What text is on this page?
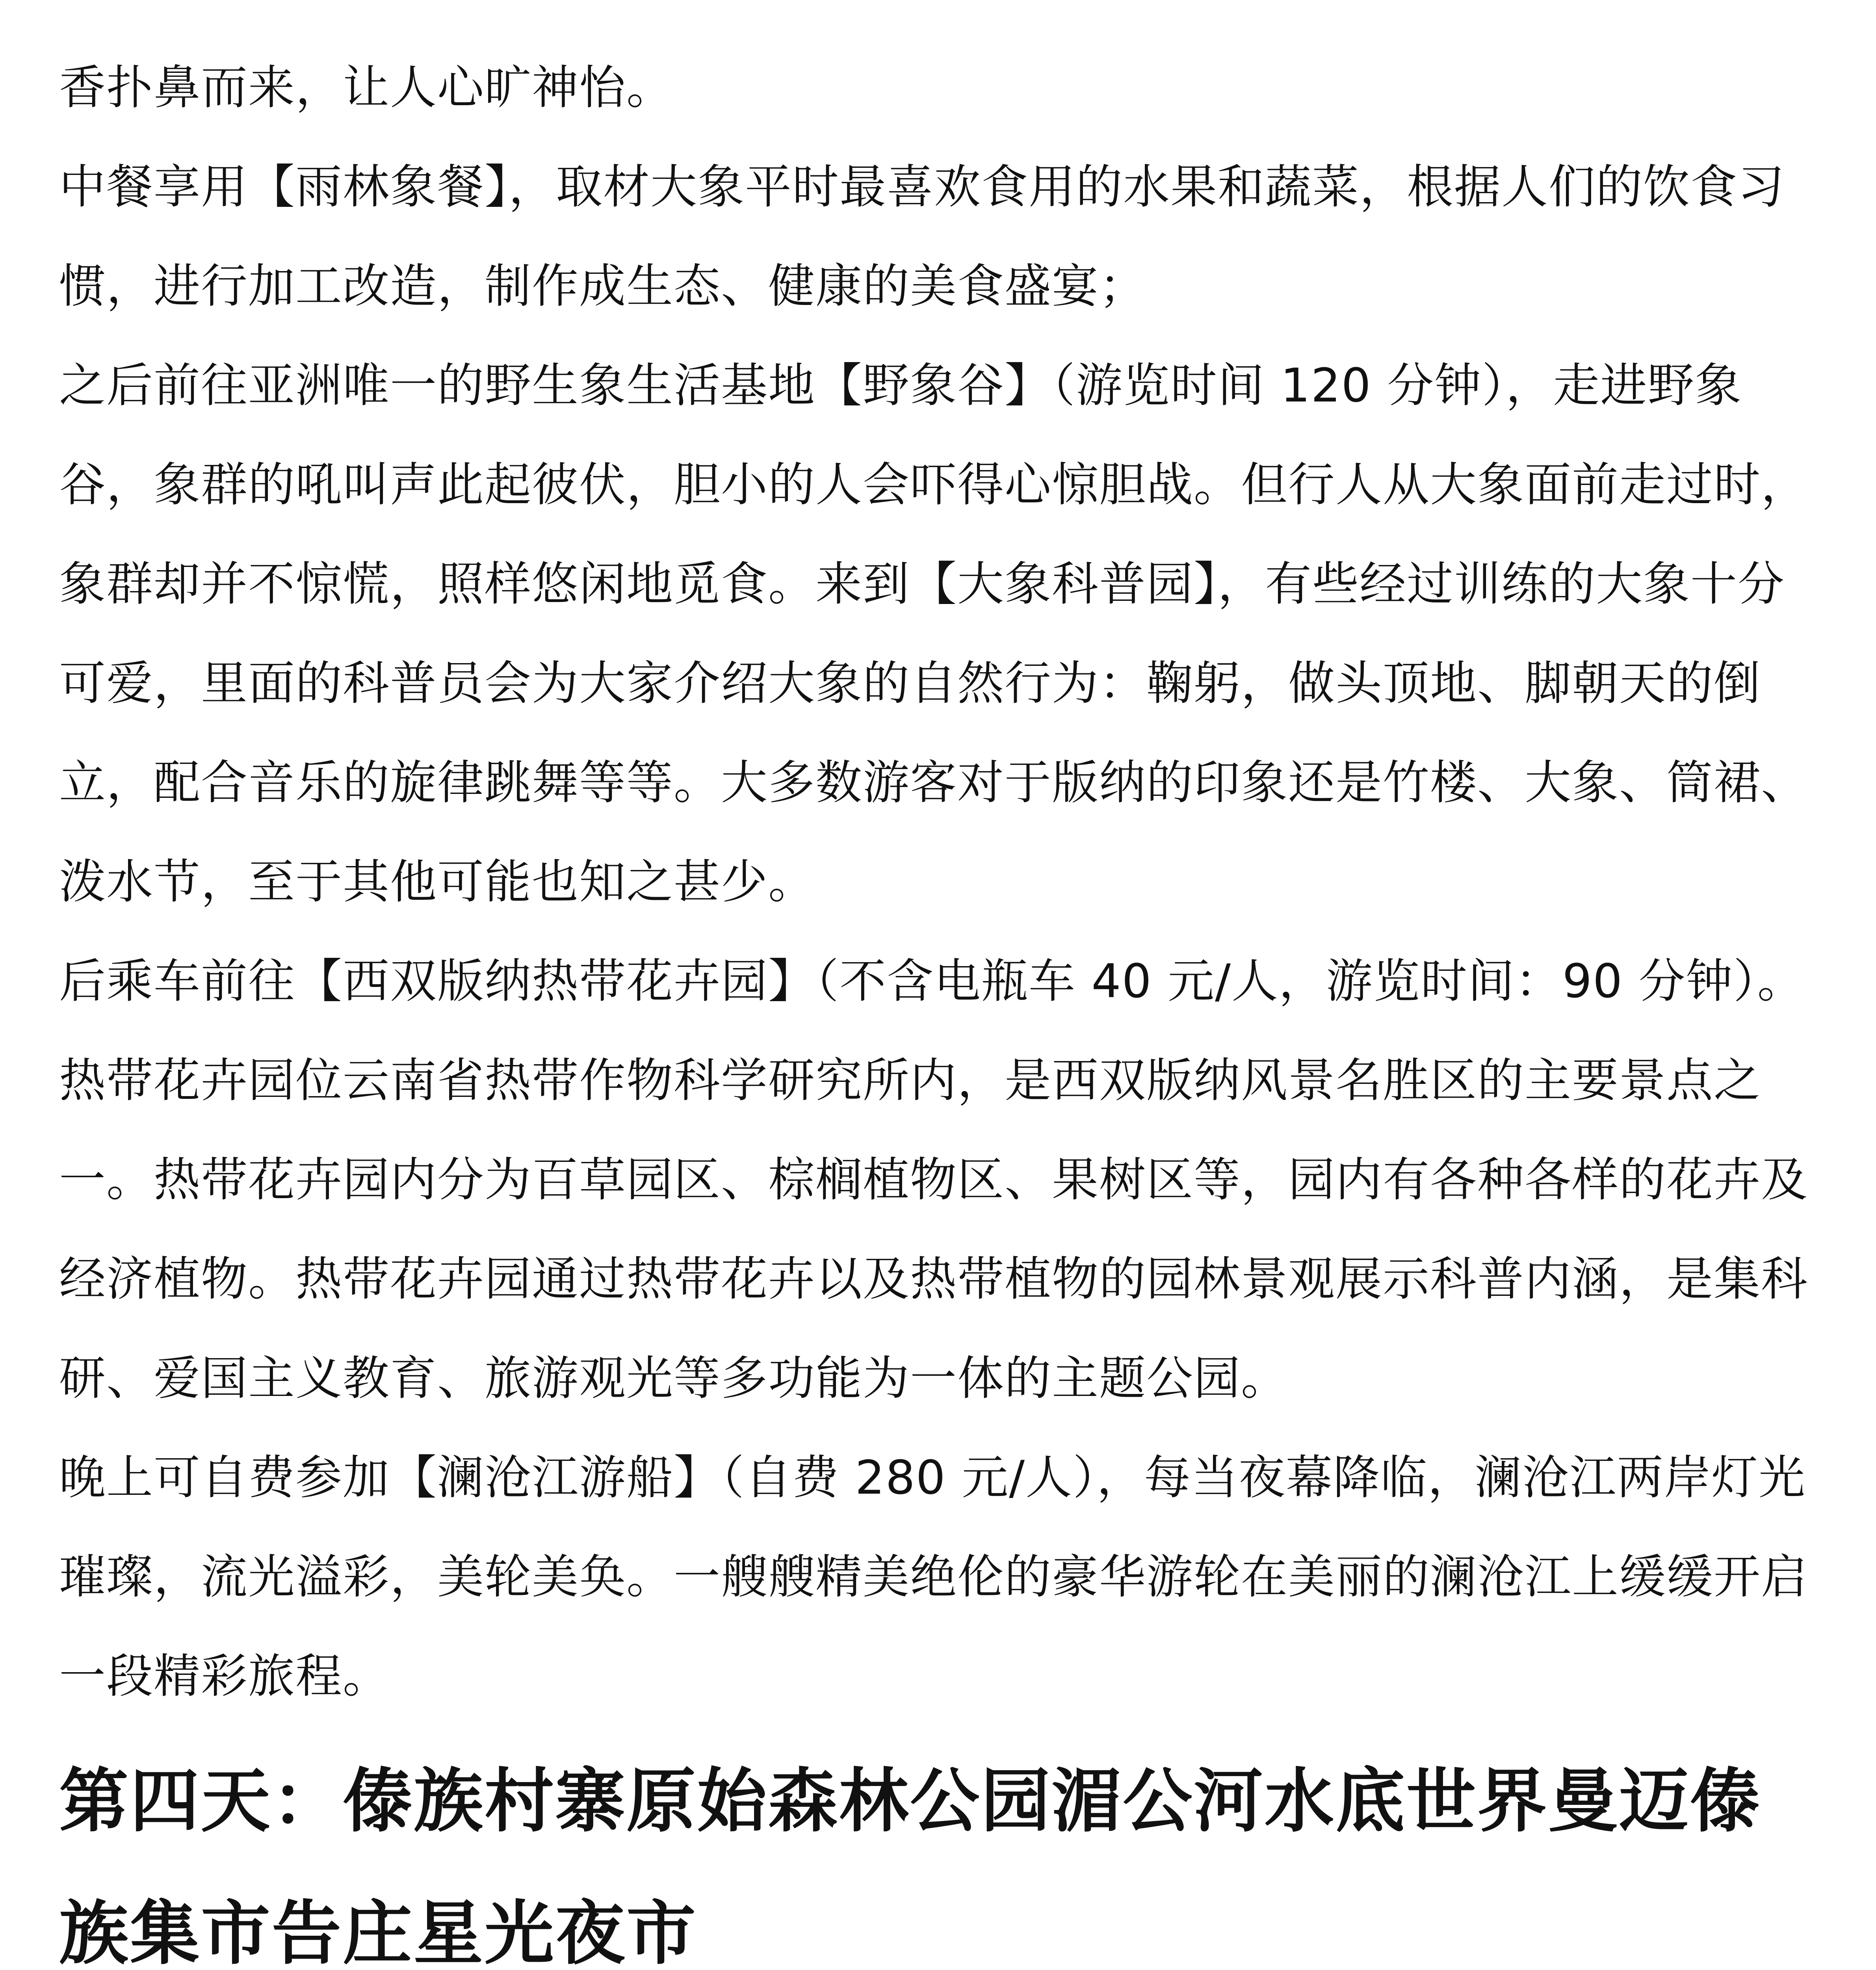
香扑鼻而来，让人心旷神怡。

中餐享用【雨林象餐】，取材大象平时最喜欢食用的水果和蔬菜，根据人们的饮食习惯，进行加工改造，制作成生态、健康的美食盛宴；

之后前往亚洲唯一的野生象生活基地【野象谷】（游览时间 120 分钟），走进野象谷，象群的吼叫声此起彼伏，胆小的人会吓得心惊胆战。但行人从大象面前走过时，象群却并不惊慌，照样悠闲地觅食。来到【大象科普园】，有些经过训练的大象十分可爱，里面的科普员会为大家介绍大象的自然行为：鞠躬，做头顶地、脚朝天的倒立，配合音乐的旋律跳舞等等。大多数游客对于版纳的印象还是竹楼、大象、筒裙、泼水节，至于其他可能也知之甚少。

后乘车前往【西双版纳热带花卉园】（不含电瓶车 40 元/人，游览时间：90 分钟）。热带花卉园位云南省热带作物科学研究所内，是西双版纳风景名胜区的主要景点之一。热带花卉园内分为百草园区、棕榈植物区、果树区等，园内有各种各样的花卉及经济植物。热带花卉园通过热带花卉以及热带植物的园林景观展示科普内涵，是集科研、爱国主义教育、旅游观光等多功能为一体的主题公园。

晚上可自费参加【澜沧江游船】（自费 280 元/人），每当夜幕降临，澜沧江两岸灯光璀璨，流光溢彩，美轮美奂。一艘艘精美绝伦的豪华游轮在美丽的澜沧江上缓缓开启一段精彩旅程。

第四天：傣族村寨原始森林公园湄公河水底世界曼迈傣族集市告庄星光夜市
